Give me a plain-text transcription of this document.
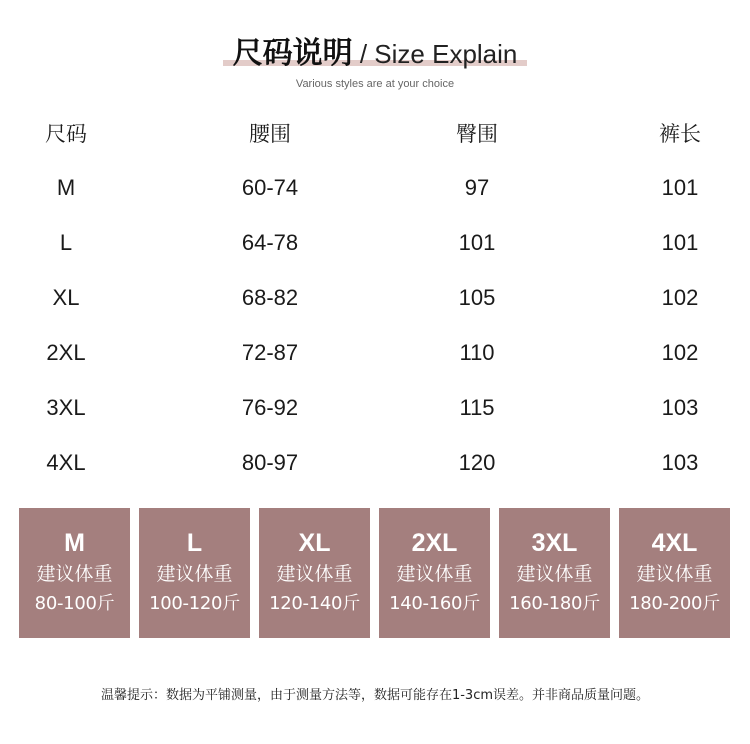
尺码说明 / Size Explain
Various styles are at your choice
尺码	腰围	臀围	裤长
M	60-74	97	101
L	64-78	101	101
XL	68-82	105	102
2XL	72-87	110	102
3XL	76-92	115	103
4XL	80-97	120	103
M
建议体重
80-100斤
L
建议体重
100-120斤
XL
建议体重
120-140斤
2XL
建议体重
140-160斤
3XL
建议体重
160-180斤
4XL
建议体重
180-200斤
温馨提示：数据为平铺测量，由于测量方法等，数据可能存在1-3cm误差。并非商品质量问题。
